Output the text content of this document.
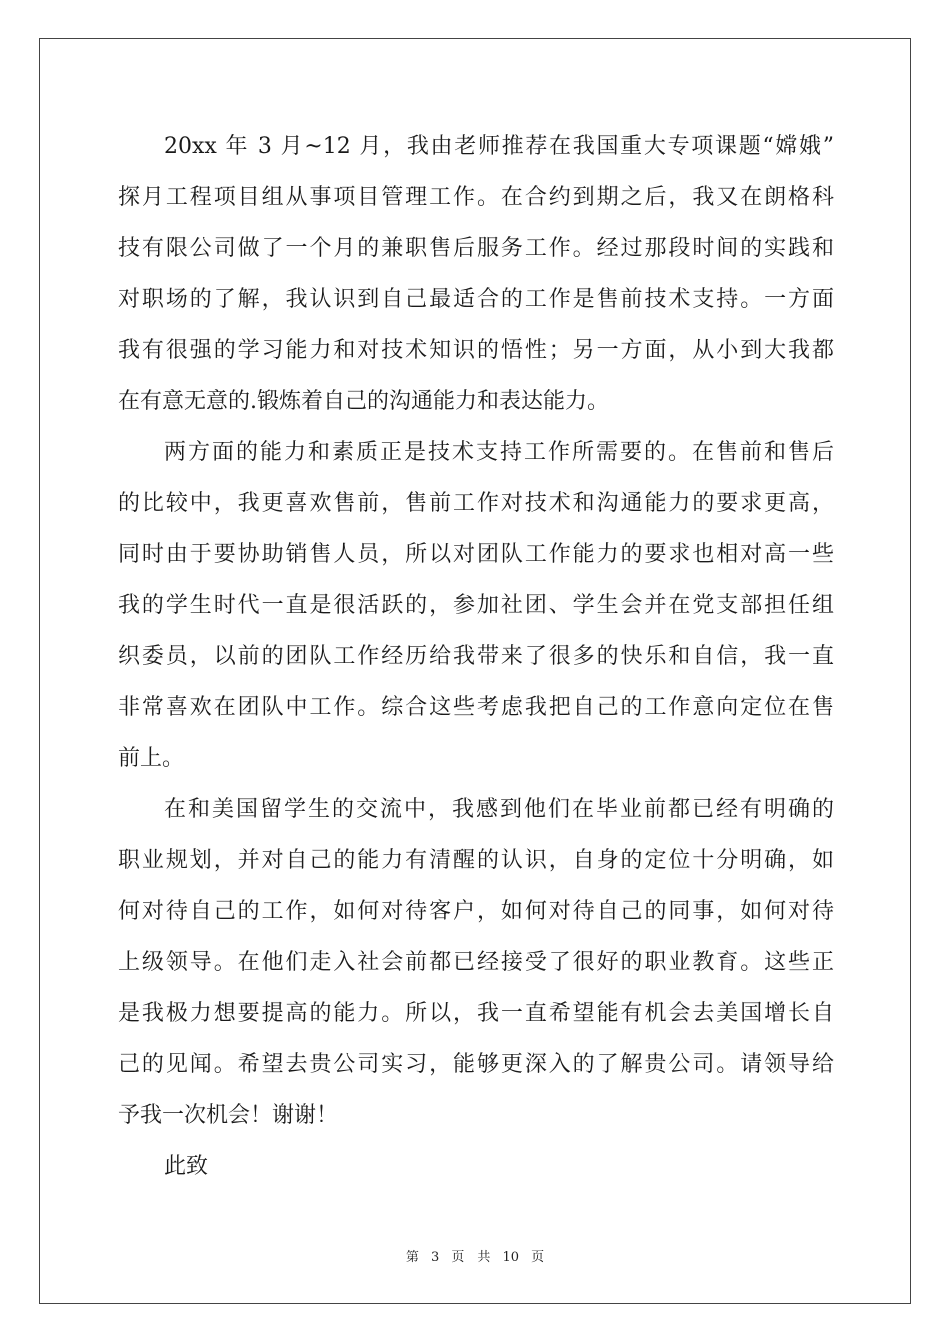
20xx 年 3 月~12 月，我由老师推荐在我国重大专项课题“嫦娥”
探月工程项目组从事项目管理工作。在合约到期之后，我又在朗格科
技有限公司做了一个月的兼职售后服务工作。经过那段时间的实践和
对职场的了解，我认识到自己最适合的工作是售前技术支持。一方面
我有很强的学习能力和对技术知识的悟性；另一方面，从小到大我都
在有意无意的.锻炼着自己的沟通能力和表达能力。
两方面的能力和素质正是技术支持工作所需要的。在售前和售后
的比较中，我更喜欢售前，售前工作对技术和沟通能力的要求更高，
同时由于要协助销售人员，所以对团队工作能力的要求也相对高一些
我的学生时代一直是很活跃的，参加社团、学生会并在党支部担任组
织委员，以前的团队工作经历给我带来了很多的快乐和自信，我一直
非常喜欢在团队中工作。综合这些考虑我把自己的工作意向定位在售
前上。
在和美国留学生的交流中，我感到他们在毕业前都已经有明确的
职业规划，并对自己的能力有清醒的认识，自身的定位十分明确，如
何对待自己的工作，如何对待客户，如何对待自己的同事，如何对待
上级领导。在他们走入社会前都已经接受了很好的职业教育。这些正
是我极力想要提高的能力。所以，我一直希望能有机会去美国增长自
己的见闻。希望去贵公司实习，能够更深入的了解贵公司。请领导给
予我一次机会！谢谢！
此致
第 3 页　共 10 页
